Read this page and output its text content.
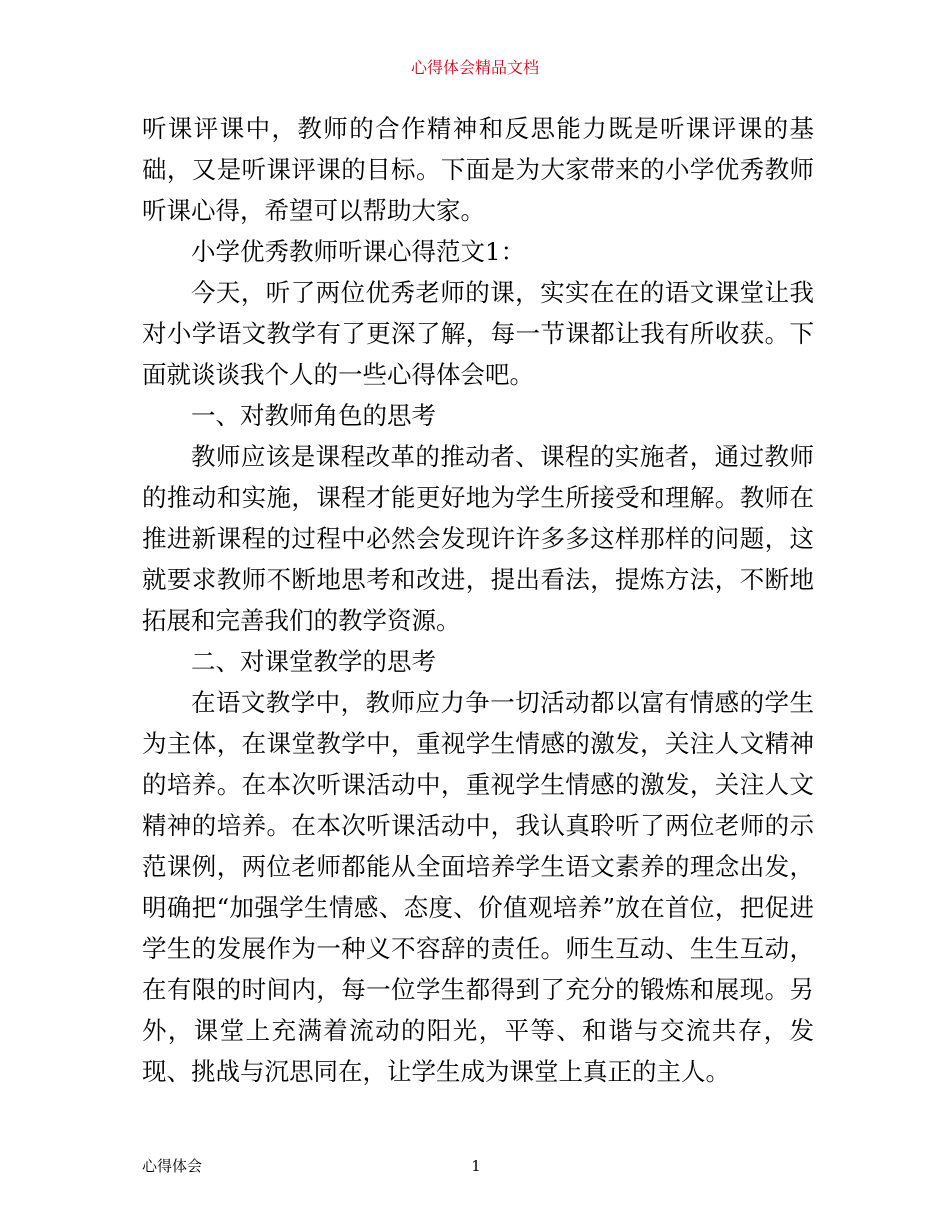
心得体会精品文档

听课评课中，教师的合作精神和反思能力既是听课评课的基础，又是听课评课的目标。下面是为大家带来的小学优秀教师听课心得，希望可以帮助大家。

小学优秀教师听课心得范文1：

今天，听了两位优秀老师的课，实实在在的语文课堂让我对小学语文教学有了更深了解，每一节课都让我有所收获。下面就谈谈我个人的一些心得体会吧。

一、对教师角色的思考

教师应该是课程改革的推动者、课程的实施者，通过教师的推动和实施，课程才能更好地为学生所接受和理解。教师在推进新课程的过程中必然会发现许许多多这样那样的问题，这就要求教师不断地思考和改进，提出看法，提炼方法，不断地拓展和完善我们的教学资源。

二、对课堂教学的思考

在语文教学中，教师应力争一切活动都以富有情感的学生为主体，在课堂教学中，重视学生情感的激发，关注人文精神的培养。在本次听课活动中，重视学生情感的激发，关注人文精神的培养。在本次听课活动中，我认真聆听了两位老师的示范课例，两位老师都能从全面培养学生语文素养的理念出发，明确把“加强学生情感、态度、价值观培养”放在首位，把促进学生的发展作为一种义不容辞的责任。师生互动、生生互动，在有限的时间内，每一位学生都得到了充分的锻炼和展现。另外，课堂上充满着流动的阳光，平等、和谐与交流共存，发现、挑战与沉思同在，让学生成为课堂上真正的主人。

心得体会	1
